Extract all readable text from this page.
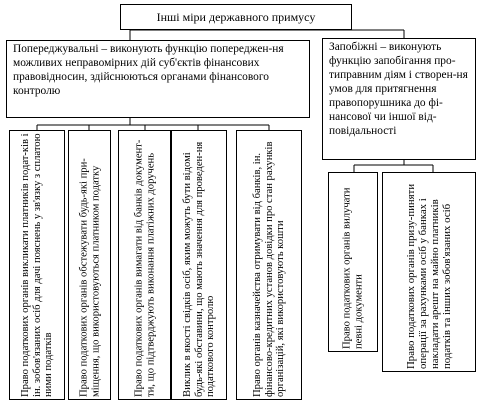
Інші міри державного примусу
Попереджувальні – виконують функцію попереджен-ня можливих неправомірних дій суб'єктів фінансових правовідносин, здійснюються органами фінансового контролю
Запобіжні – виконують функцію запобігання про-типравним діям і створен-ня умов для притягнення правопорушника до фі-нансової чи іншої від-повідальності
Право податкових органів викликати платників подат-ків і ін. зобов'язаних осіб для дачі пояснень у зв'язку з сплатою ними податків Право податкових органів обстежувати будь-які при-міщення, що використовуються платником податку	Право податкових органів вимагати від банків документ-ти, що підтверджують виконання платіжних доручень Виклик в якості свідків осіб, яким можуть бути відомі будь-які обставини, що мають значення для проведен-ня податкового контролю	Право органів казначейства отримувати від банків, ін. фінансово-кредитних установ довідки про стан рахунків організацій, які використовують кошти	Право податкових органів вилучати певні документи	Право податкових органів призу-пиняти операції за рахунками осіб у банках і накладати арешт на майно платників податків та інших зобов'язаних осіб
